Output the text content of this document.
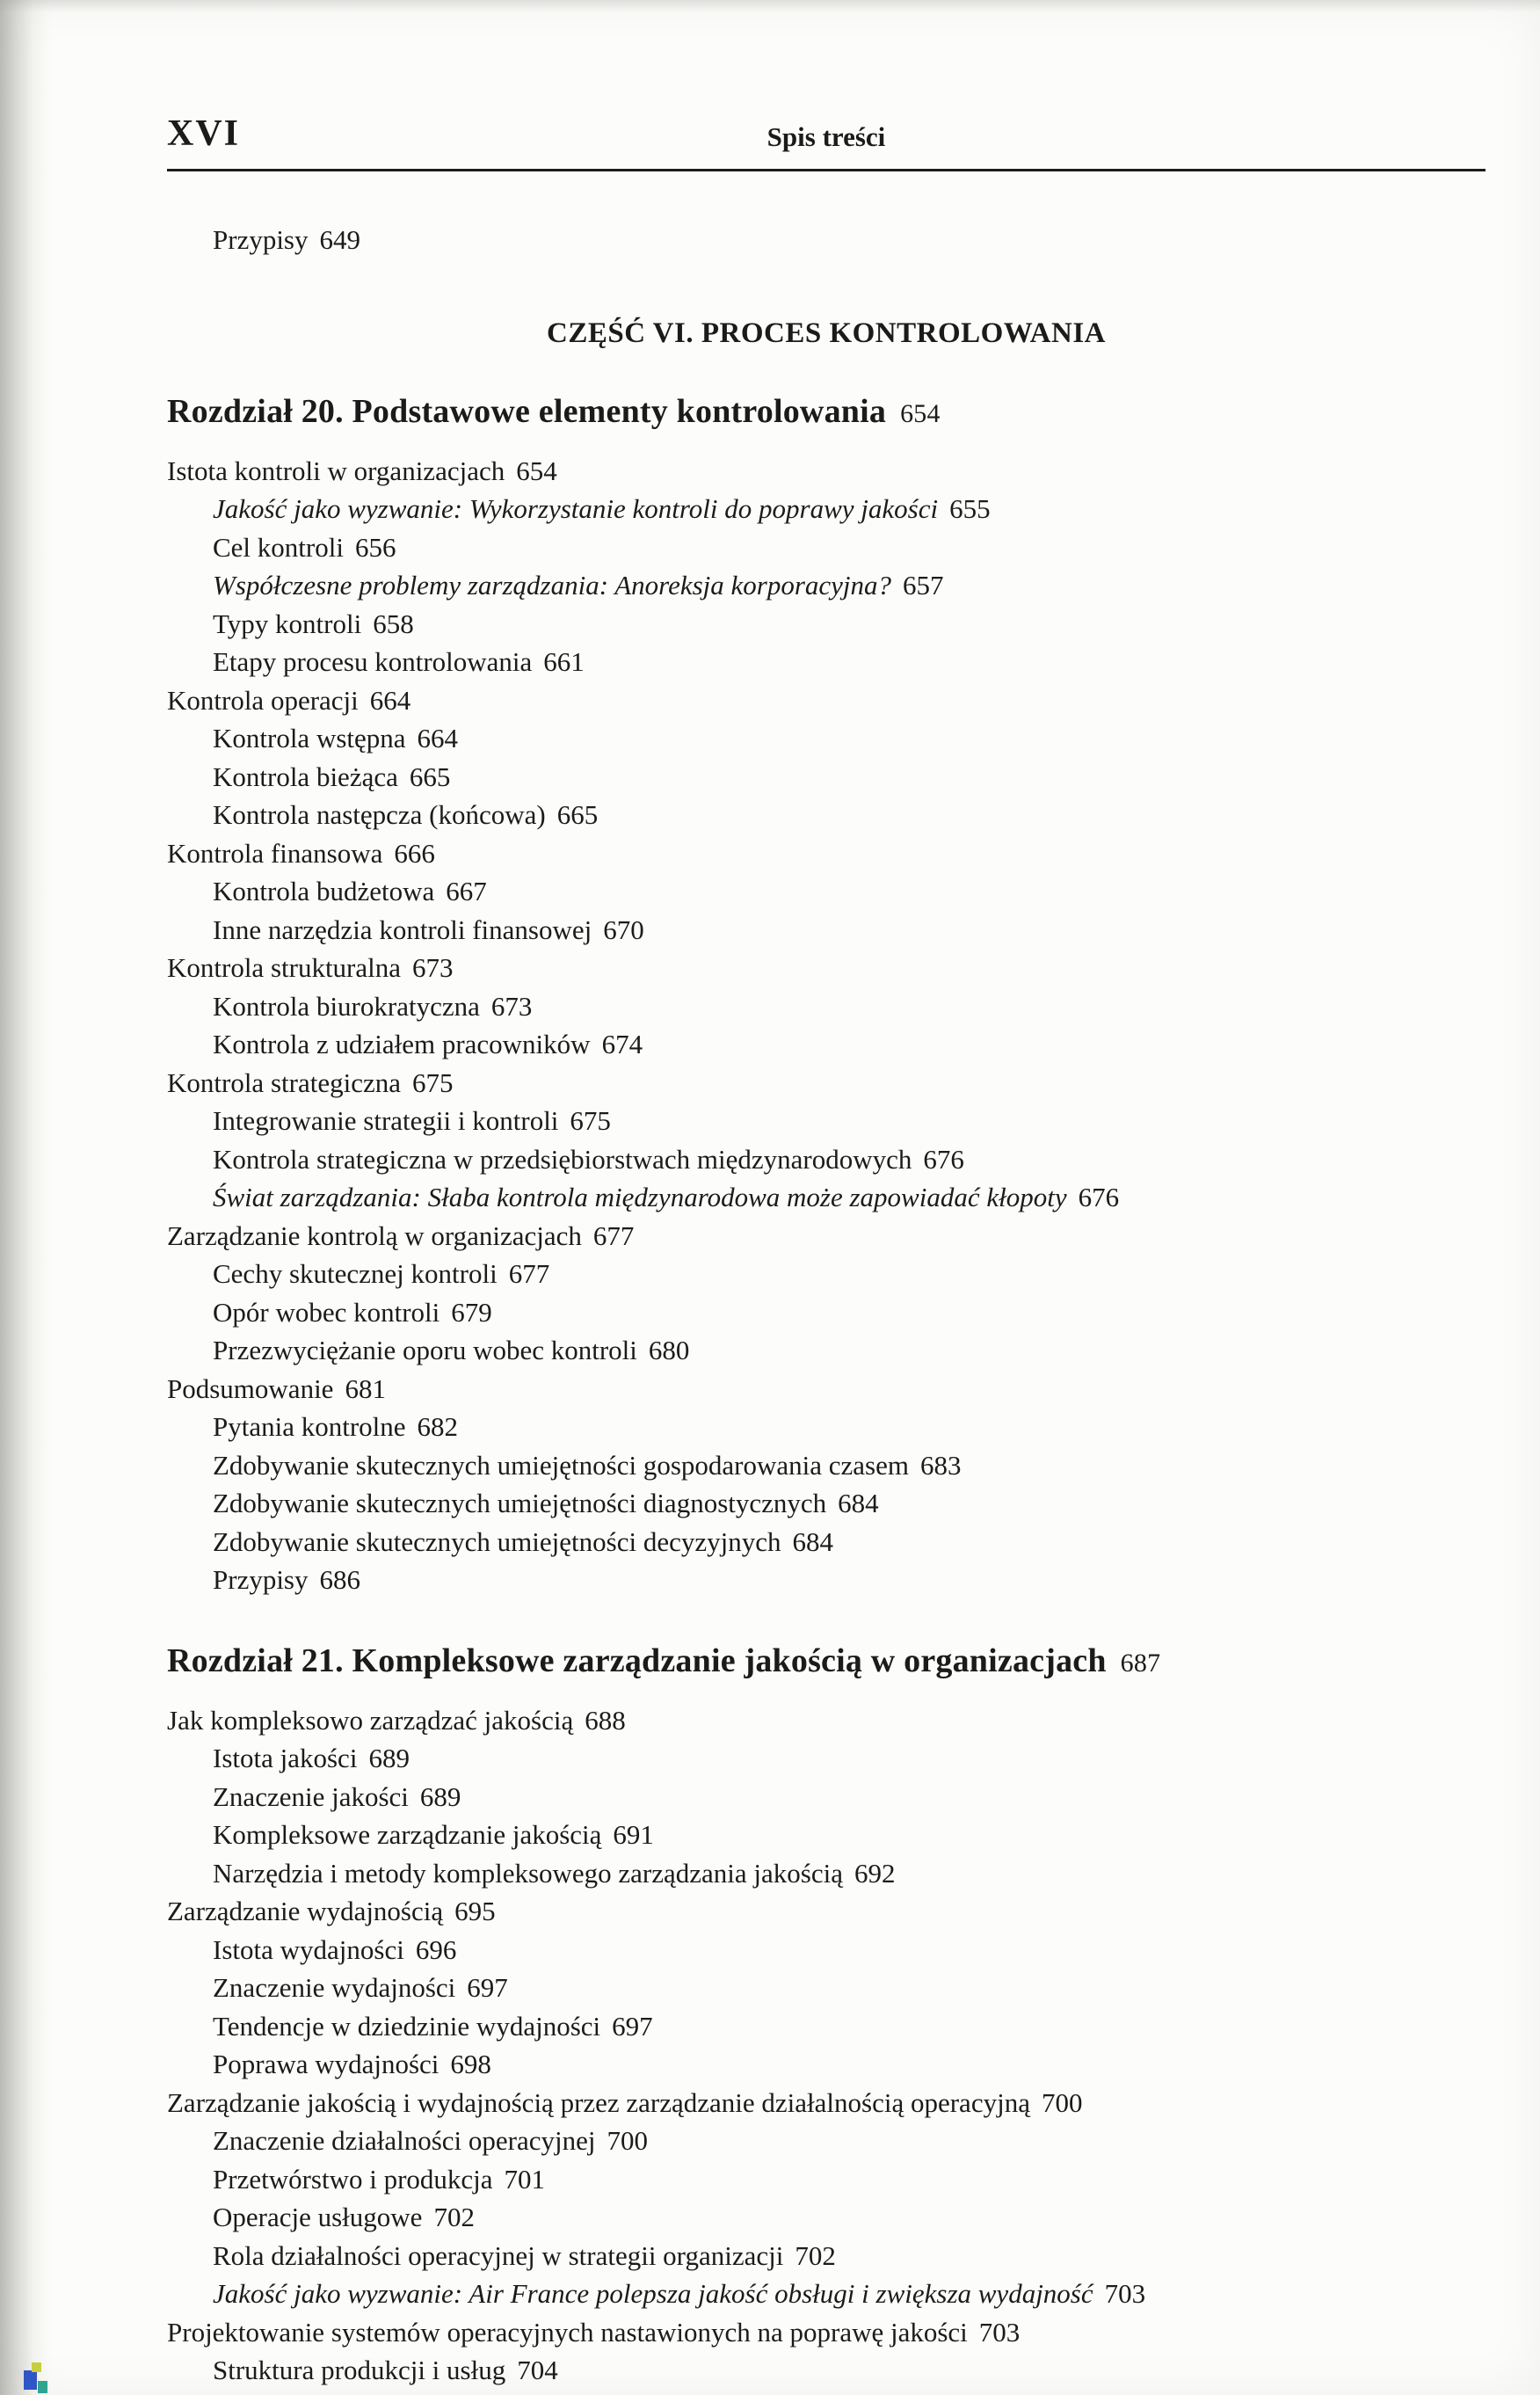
XVI	Spis treści
Przypisy 649
CZĘŚĆ VI. PROCES KONTROLOWANIA
Rozdział 20. Podstawowe elementy kontrolowania 654
Istota kontroli w organizacjach 654
Jakość jako wyzwanie: Wykorzystanie kontroli do poprawy jakości 655
Cel kontroli 656
Współczesne problemy zarządzania: Anoreksja korporacyjna? 657
Typy kontroli 658
Etapy procesu kontrolowania 661
Kontrola operacji 664
Kontrola wstępna 664
Kontrola bieżąca 665
Kontrola następcza (końcowa) 665
Kontrola finansowa 666
Kontrola budżetowa 667
Inne narzędzia kontroli finansowej 670
Kontrola strukturalna 673
Kontrola biurokratyczna 673
Kontrola z udziałem pracowników 674
Kontrola strategiczna 675
Integrowanie strategii i kontroli 675
Kontrola strategiczna w przedsiębiorstwach międzynarodowych 676
Świat zarządzania: Słaba kontrola międzynarodowa może zapowiadać kłopoty 676
Zarządzanie kontrolą w organizacjach 677
Cechy skutecznej kontroli 677
Opór wobec kontroli 679
Przezwyciężanie oporu wobec kontroli 680
Podsumowanie 681
Pytania kontrolne 682
Zdobywanie skutecznych umiejętności gospodarowania czasem 683
Zdobywanie skutecznych umiejętności diagnostycznych 684
Zdobywanie skutecznych umiejętności decyzyjnych 684
Przypisy 686
Rozdział 21. Kompleksowe zarządzanie jakością w organizacjach 687
Jak kompleksowo zarządzać jakością 688
Istota jakości 689
Znaczenie jakości 689
Kompleksowe zarządzanie jakością 691
Narzędzia i metody kompleksowego zarządzania jakością 692
Zarządzanie wydajnością 695
Istota wydajności 696
Znaczenie wydajności 697
Tendencje w dziedzinie wydajności 697
Poprawa wydajności 698
Zarządzanie jakością i wydajnością przez zarządzanie działalnością operacyjną 700
Znaczenie działalności operacyjnej 700
Przetwórstwo i produkcja 701
Operacje usługowe 702
Rola działalności operacyjnej w strategii organizacji 702
Jakość jako wyzwanie: Air France polepsza jakość obsługi i zwiększa wydajność 703
Projektowanie systemów operacyjnych nastawionych na poprawę jakości 703
Struktura produkcji i usług 704
